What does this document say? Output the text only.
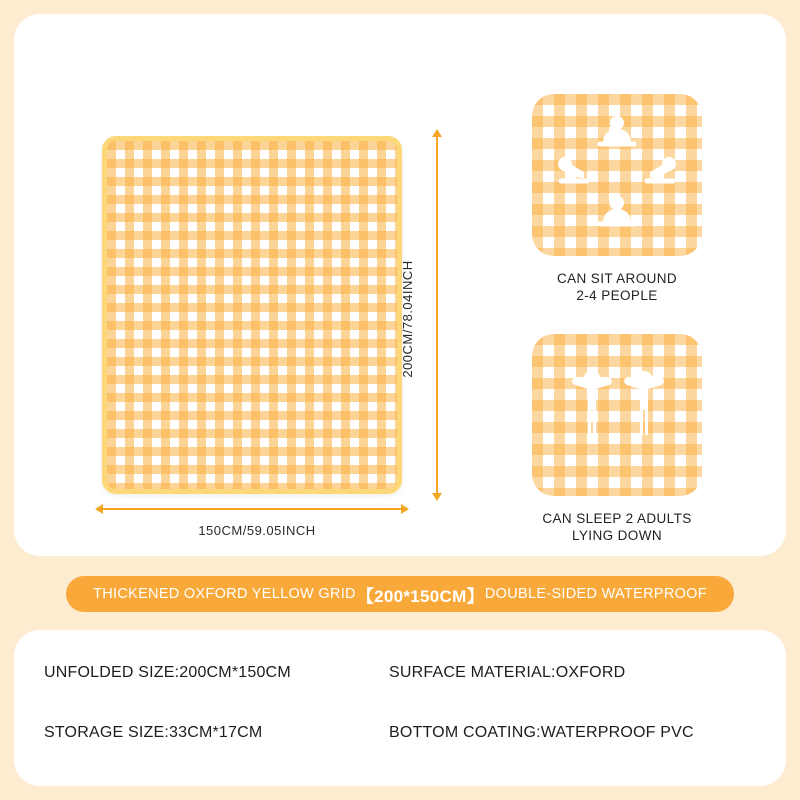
200CM/78.04INCH
150CM/59.05INCH
CAN SIT AROUND
2-4 PEOPLE
CAN SLEEP 2 ADULTS
LYING DOWN
THICKENED OXFORD YELLOW GRID 【200*150CM】 DOUBLE-SIDED WATERPROOF
UNFOLDED SIZE:200CM*150CM	SURFACE MATERIAL:OXFORD
STORAGE SIZE:33CM*17CM	BOTTOM COATING:WATERPROOF PVC
